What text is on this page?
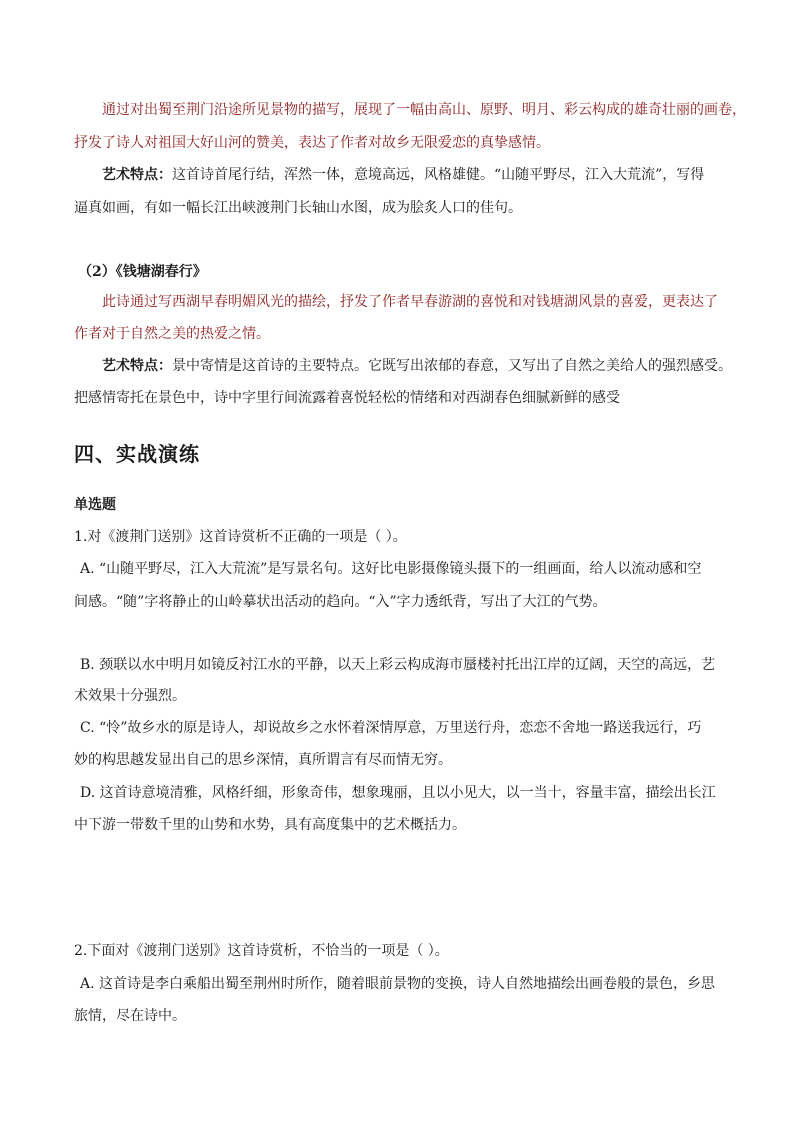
通过对出蜀至荆门沿途所见景物的描写，展现了一幅由高山、原野、明月、彩云构成的雄奇壮丽的画卷，
抒发了诗人对祖国大好山河的赞美，表达了作者对故乡无限爱恋的真挚感情。
艺术特点：这首诗首尾行结，浑然一体，意境高远，风格雄健。“山随平野尽，江入大荒流”，写得
逼真如画，有如一幅长江出峡渡荆门长轴山水图，成为脍炙人口的佳句。
（2）《钱塘湖春行》
此诗通过写西湖早春明媚风光的描绘，抒发了作者早春游湖的喜悦和对钱塘湖风景的喜爱，更表达了
作者对于自然之美的热爱之情。
艺术特点：景中寄情是这首诗的主要特点。它既写出浓郁的春意，又写出了自然之美给人的强烈感受。
把感情寄托在景色中，诗中字里行间流露着喜悦轻松的情绪和对西湖春色细腻新鲜的感受
四、实战演练
单选题
1.对《渡荆门送别》这首诗赏析不正确的一项是（ ）。
A. “山随平野尽，江入大荒流”是写景名句。这好比电影摄像镜头摄下的一组画面，给人以流动感和空
间感。“随”字将静止的山岭摹状出活动的趋向。“入”字力透纸背，写出了大江的气势。
B. 颈联以水中明月如镜反衬江水的平静，以天上彩云构成海市蜃楼衬托出江岸的辽阔，天空的高远，艺
术效果十分强烈。
C. “怜”故乡水的原是诗人，却说故乡之水怀着深情厚意，万里送行舟，恋恋不舍地一路送我远行，巧
妙的构思越发显出自己的思乡深情，真所谓言有尽而情无穷。
D. 这首诗意境清雅，风格纤细，形象奇伟，想象瑰丽，且以小见大，以一当十，容量丰富，描绘出长江
中下游一带数千里的山势和水势，具有高度集中的艺术概括力。
2.下面对《渡荆门送别》这首诗赏析，不恰当的一项是（ ）。
A. 这首诗是李白乘船出蜀至荆州时所作，随着眼前景物的变换，诗人自然地描绘出画卷般的景色，乡思
旅情，尽在诗中。
